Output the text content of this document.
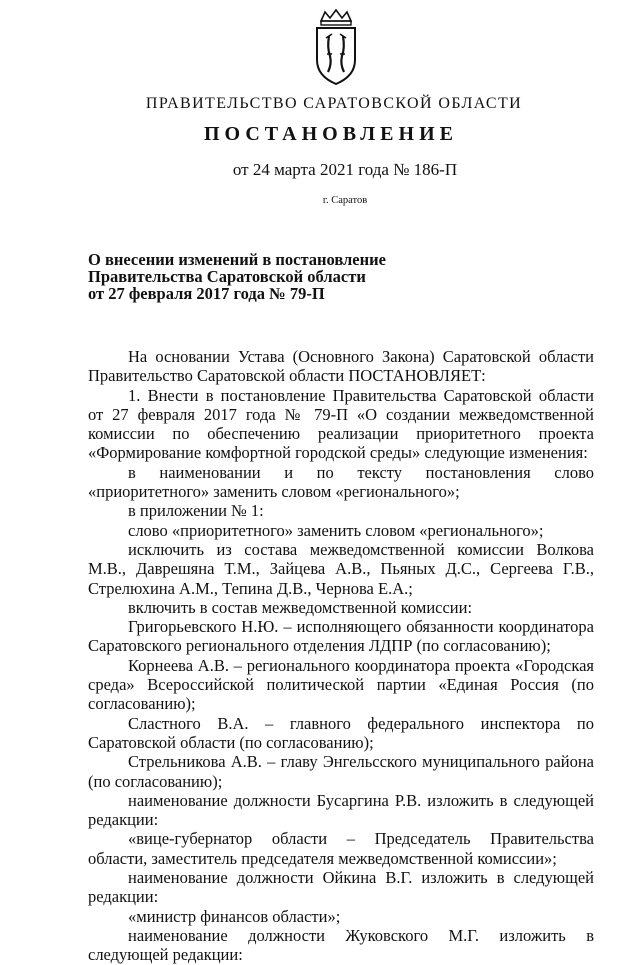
ПРАВИТЕЛЬСТВО САРАТОВСКОЙ ОБЛАСТИ
ПОСТАНОВЛЕНИЕ
от 24 марта 2021 года № 186-П
г. Саратов
О внесении изменений в постановление
Правительства Саратовской области
от 27 февраля 2017 года № 79-П

На основании Устава (Основного Закона) Саратовской области Правительство Саратовской области ПОСТАНОВЛЯЕТ:

1. Внести в постановление Правительства Саратовской области от 27 февраля 2017 года № 79-П «О создании межведомственной комиссии по обеспечению реализации приоритетного проекта «Формирование комфортной городской среды» следующие изменения:

в наименовании и по тексту постановления слово «приоритетного» заменить словом «регионального»;

в приложении № 1:

слово «приоритетного» заменить словом «регионального»;

исключить из состава межведомственной комиссии Волкова М.В., Даврешяна Т.М., Зайцева А.В., Пьяных Д.С., Сергеева Г.В., Стрелюхина А.М., Тепина Д.В., Чернова Е.А.;

включить в состав межведомственной комиссии:

Григорьевского Н.Ю. – исполняющего обязанности координатора Саратовского регионального отделения ЛДПР (по согласованию);

Корнеева А.В. – регионального координатора проекта «Городская среда» Всероссийской политической партии «Единая Россия (по согласованию);

Сластного В.А. – главного федерального инспектора по Саратовской области (по согласованию);

Стрельникова А.В. – главу Энгельсского муниципального района (по согласованию);

наименование должности Бусаргина Р.В. изложить в следующей редакции:

«вице-губернатор области – Председатель Правительства области, заместитель председателя межведомственной комиссии»;

наименование должности Ойкина В.Г. изложить в следующей редакции:

«министр финансов области»;

наименование должности Жуковского М.Г. изложить в следующей редакции:
